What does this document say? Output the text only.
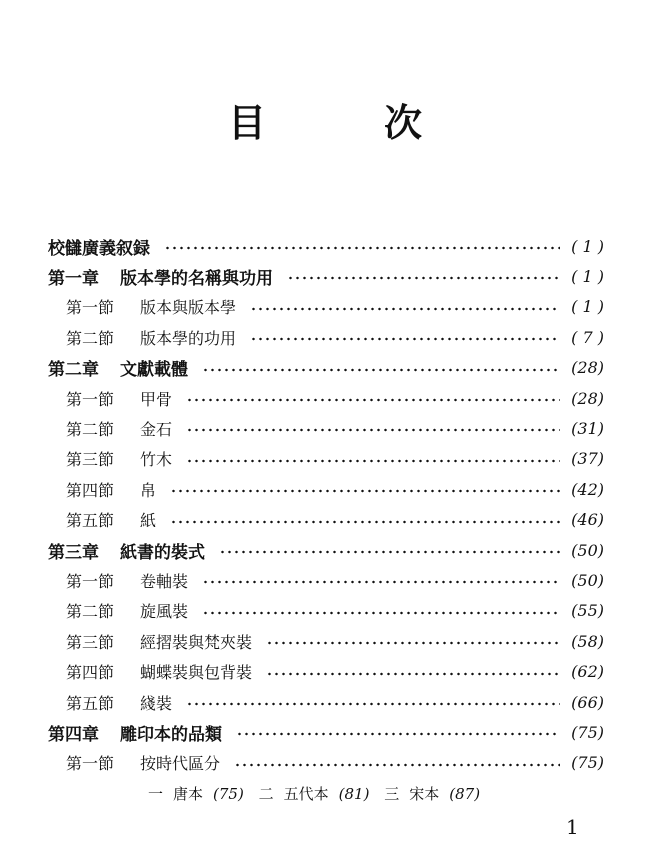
目　次
校讎廣義叙録	( 1 )
第一章	版本學的名稱與功用	( 1 )
第一節	版本與版本學	( 1 )
第二節	版本學的功用	( 7 )
第二章	文獻載體	(28)
第一節	甲骨	(28)
第二節	金石	(31)
第三節	竹木	(37)
第四節	帛	(42)
第五節	紙	(46)
第三章	紙書的裝式	(50)
第一節	卷軸裝	(50)
第二節	旋風裝	(55)
第三節	經摺裝與梵夾裝	(58)
第四節	蝴蝶裝與包背裝	(62)
第五節	綫裝	(66)
第四章	雕印本的品類	(75)
第一節	按時代區分	(75)
一 唐本 (75) 二 五代本 (81) 三 宋本 (87)
1
